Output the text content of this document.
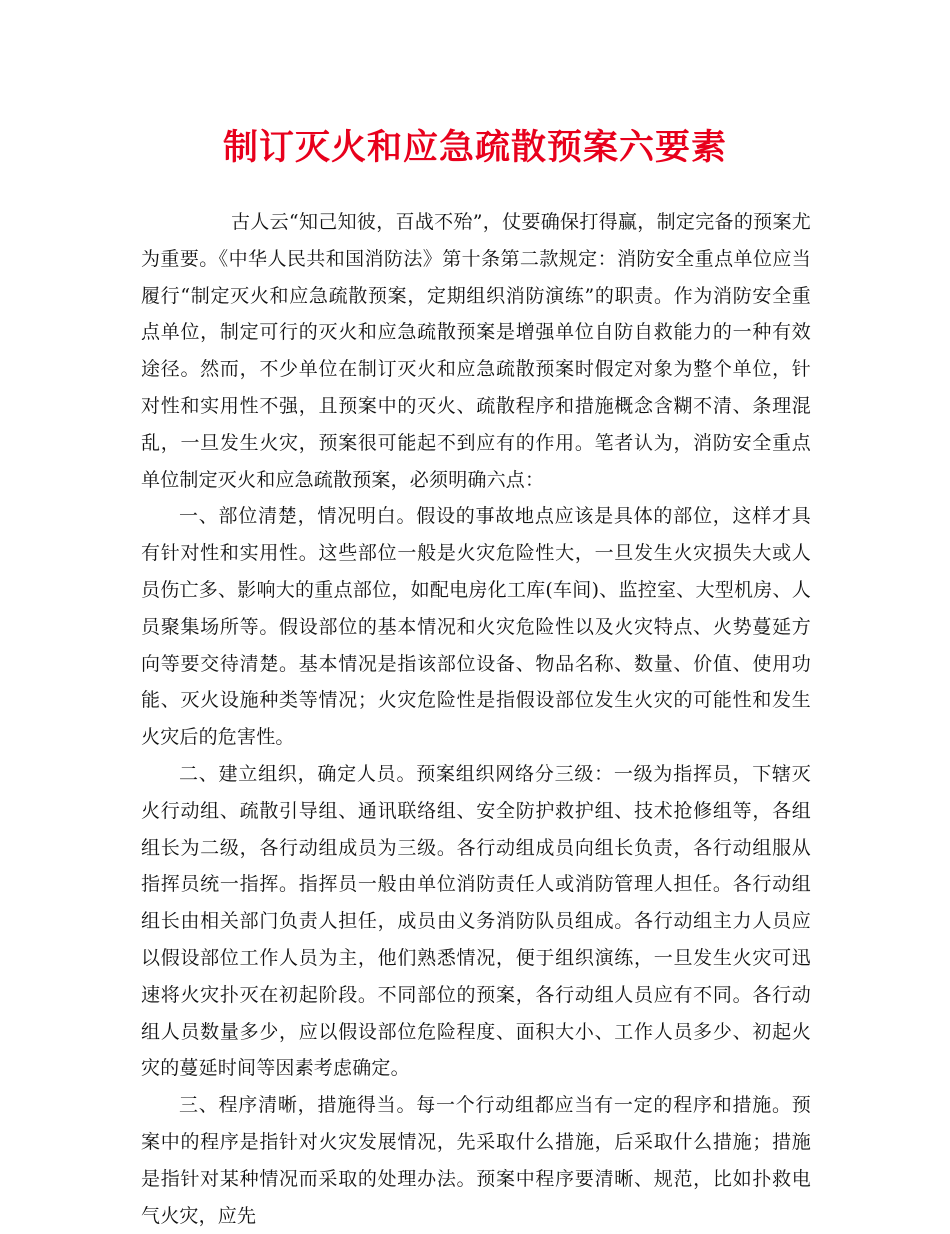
制订灭火和应急疏散预案六要素

古人云“知己知彼，百战不殆”，仗要确保打得赢，制定完备的预案尤为重要。《中华人民共和国消防法》第十条第二款规定：消防安全重点单位应当履行“制定灭火和应急疏散预案，定期组织消防演练”的职责。作为消防安全重点单位，制定可行的灭火和应急疏散预案是增强单位自防自救能力的一种有效途径。然而，不少单位在制订灭火和应急疏散预案时假定对象为整个单位，针对性和实用性不强，且预案中的灭火、疏散程序和措施概念含糊不清、条理混乱，一旦发生火灾，预案很可能起不到应有的作用。笔者认为，消防安全重点单位制定灭火和应急疏散预案，必须明确六点：

一、部位清楚，情况明白。假设的事故地点应该是具体的部位，这样才具有针对性和实用性。这些部位一般是火灾危险性大，一旦发生火灾损失大或人员伤亡多、影响大的重点部位，如配电房化工库(车间)、监控室、大型机房、人员聚集场所等。假设部位的基本情况和火灾危险性以及火灾特点、火势蔓延方向等要交待清楚。基本情况是指该部位设备、物品名称、数量、价值、使用功能、灭火设施种类等情况；火灾危险性是指假设部位发生火灾的可能性和发生火灾后的危害性。

二、建立组织，确定人员。预案组织网络分三级：一级为指挥员，下辖灭火行动组、疏散引导组、通讯联络组、安全防护救护组、技术抢修组等，各组组长为二级，各行动组成员为三级。各行动组成员向组长负责，各行动组服从指挥员统一指挥。指挥员一般由单位消防责任人或消防管理人担任。各行动组组长由相关部门负责人担任，成员由义务消防队员组成。各行动组主力人员应以假设部位工作人员为主，他们熟悉情况，便于组织演练，一旦发生火灾可迅速将火灾扑灭在初起阶段。不同部位的预案，各行动组人员应有不同。各行动组人员数量多少，应以假设部位危险程度、面积大小、工作人员多少、初起火灾的蔓延时间等因素考虑确定。

三、程序清晰，措施得当。每一个行动组都应当有一定的程序和措施。预案中的程序是指针对火灾发展情况，先采取什么措施，后采取什么措施；措施是指针对某种情况而采取的处理办法。预案中程序要清晰、规范，比如扑救电气火灾，应先
